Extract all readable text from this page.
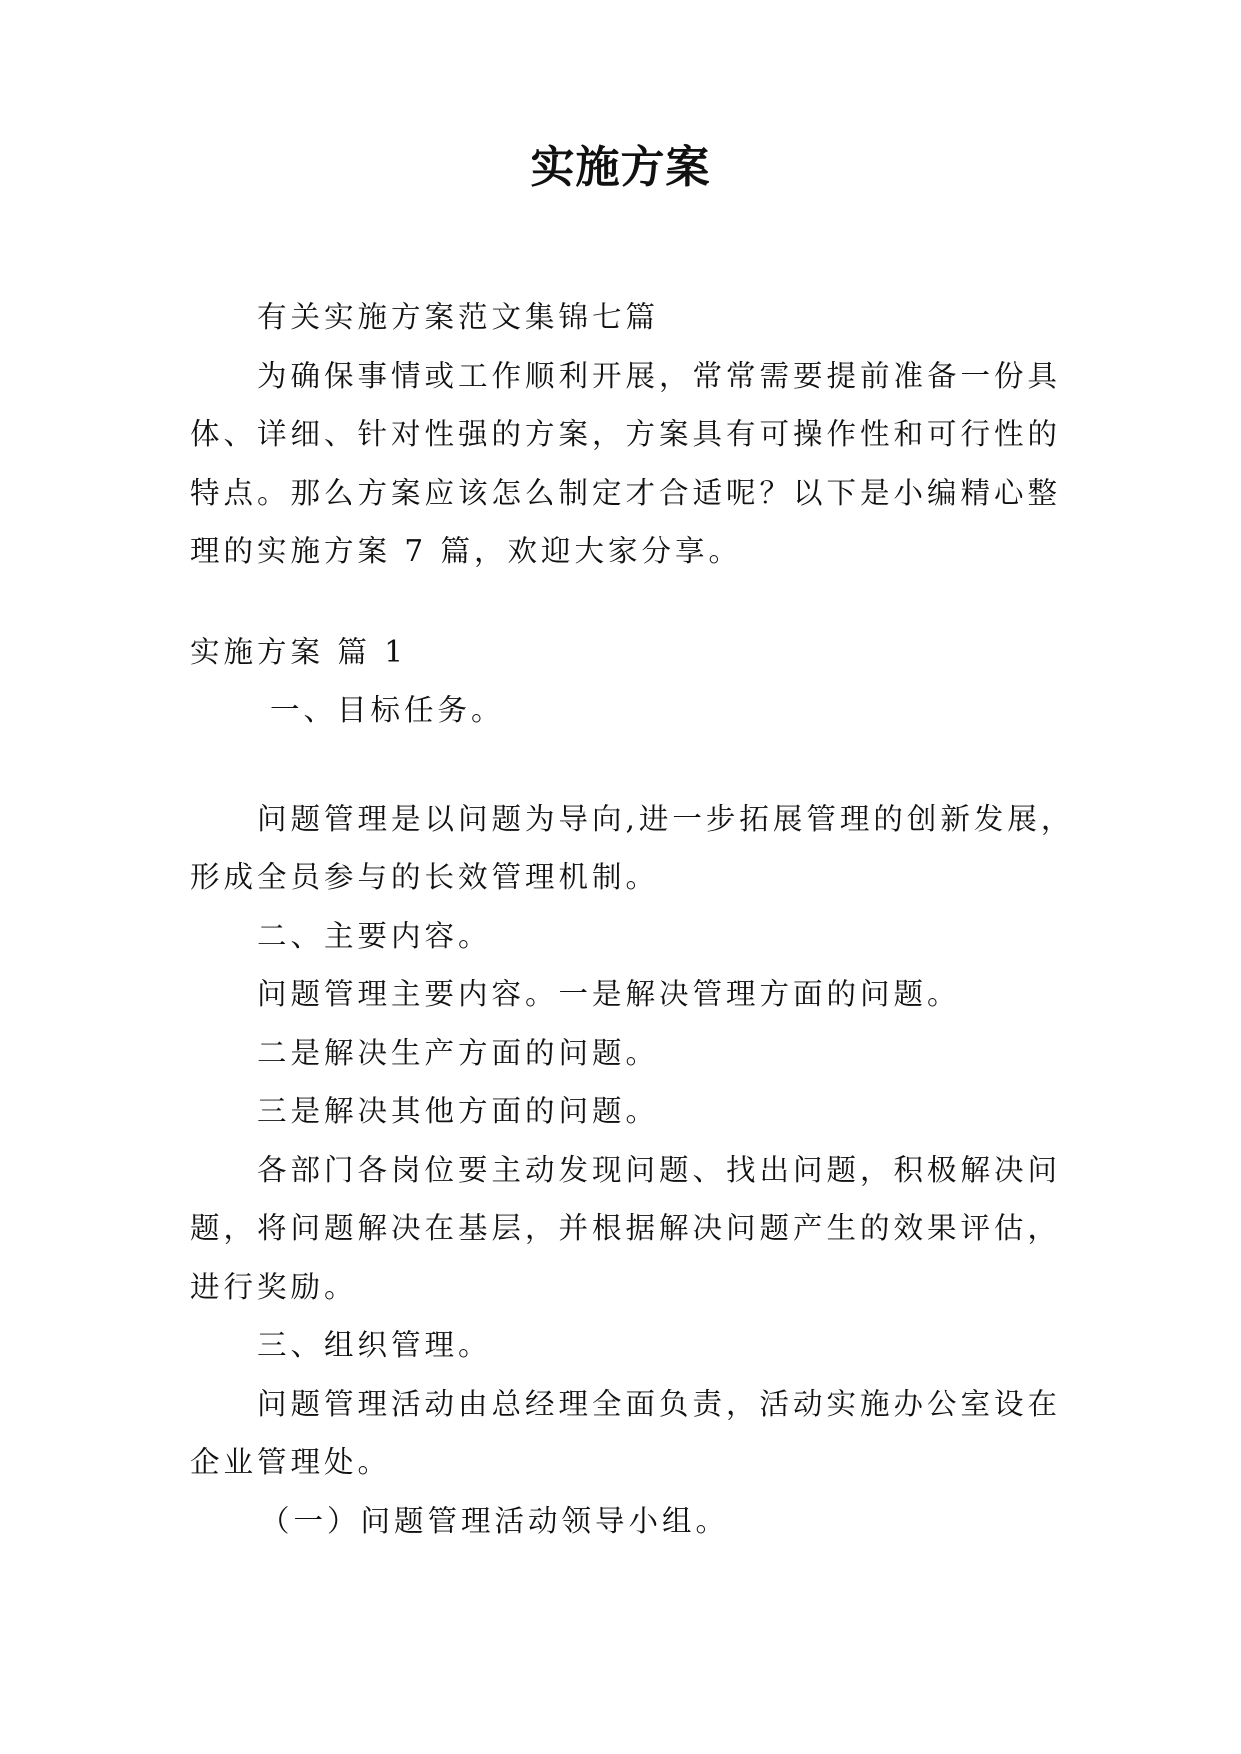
实施方案

有关实施方案范文集锦七篇

为确保事情或工作顺利开展，常常需要提前准备一份具

体、详细、针对性强的方案，方案具有可操作性和可行性的

特点。那么方案应该怎么制定才合适呢？以下是小编精心整

理的实施方案 7 篇，欢迎大家分享。

实施方案 篇 1

一、目标任务。

问题管理是以问题为导向,进一步拓展管理的创新发展，

形成全员参与的长效管理机制。

二、主要内容。

问题管理主要内容。一是解决管理方面的问题。

二是解决生产方面的问题。

三是解决其他方面的问题。

各部门各岗位要主动发现问题、找出问题，积极解决问

题，将问题解决在基层，并根据解决问题产生的效果评估，

进行奖励。

三、组织管理。

问题管理活动由总经理全面负责，活动实施办公室设在

企业管理处。

（一）问题管理活动领导小组。
